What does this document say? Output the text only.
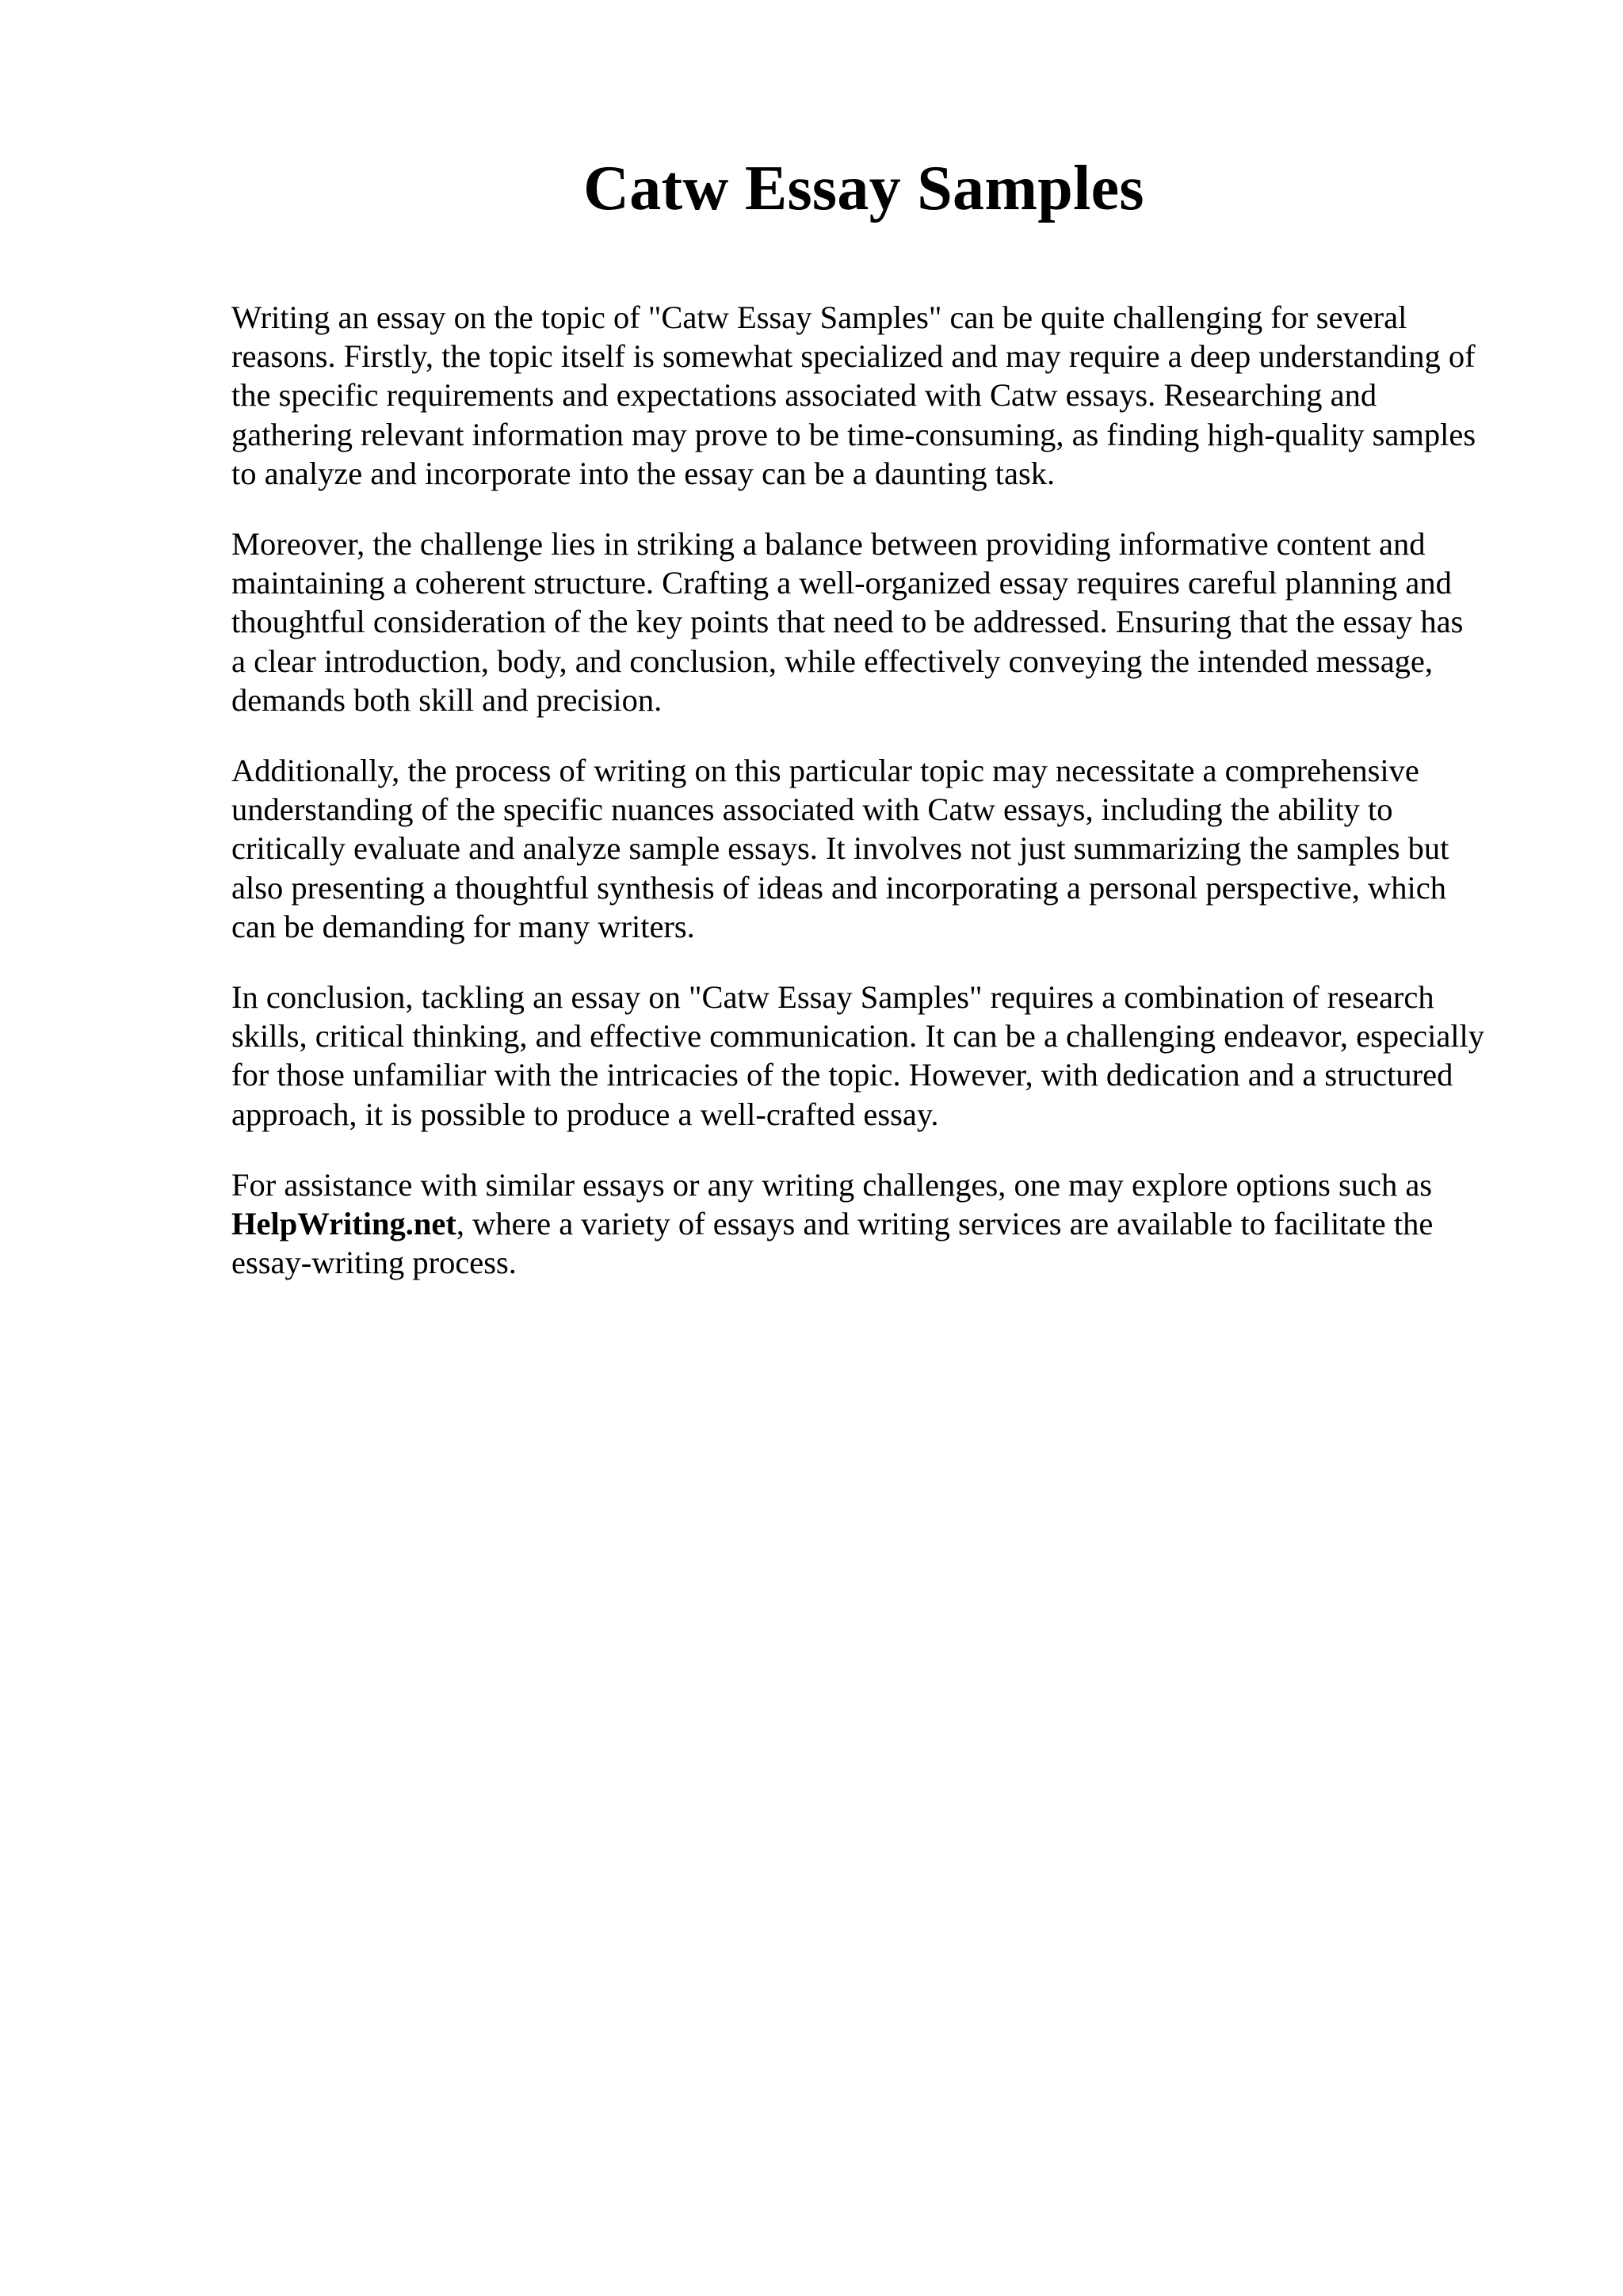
Catw Essay Samples

Writing an essay on the topic of "Catw Essay Samples" can be quite challenging for several
reasons. Firstly, the topic itself is somewhat specialized and may require a deep understanding of
the specific requirements and expectations associated with Catw essays. Researching and
gathering relevant information may prove to be time-consuming, as finding high-quality samples
to analyze and incorporate into the essay can be a daunting task.

Moreover, the challenge lies in striking a balance between providing informative content and
maintaining a coherent structure. Crafting a well-organized essay requires careful planning and
thoughtful consideration of the key points that need to be addressed. Ensuring that the essay has
a clear introduction, body, and conclusion, while effectively conveying the intended message,
demands both skill and precision.

Additionally, the process of writing on this particular topic may necessitate a comprehensive
understanding of the specific nuances associated with Catw essays, including the ability to
critically evaluate and analyze sample essays. It involves not just summarizing the samples but
also presenting a thoughtful synthesis of ideas and incorporating a personal perspective, which
can be demanding for many writers.

In conclusion, tackling an essay on "Catw Essay Samples" requires a combination of research
skills, critical thinking, and effective communication. It can be a challenging endeavor, especially
for those unfamiliar with the intricacies of the topic. However, with dedication and a structured
approach, it is possible to produce a well-crafted essay.

For assistance with similar essays or any writing challenges, one may explore options such as
HelpWriting.net, where a variety of essays and writing services are available to facilitate the
essay-writing process.
